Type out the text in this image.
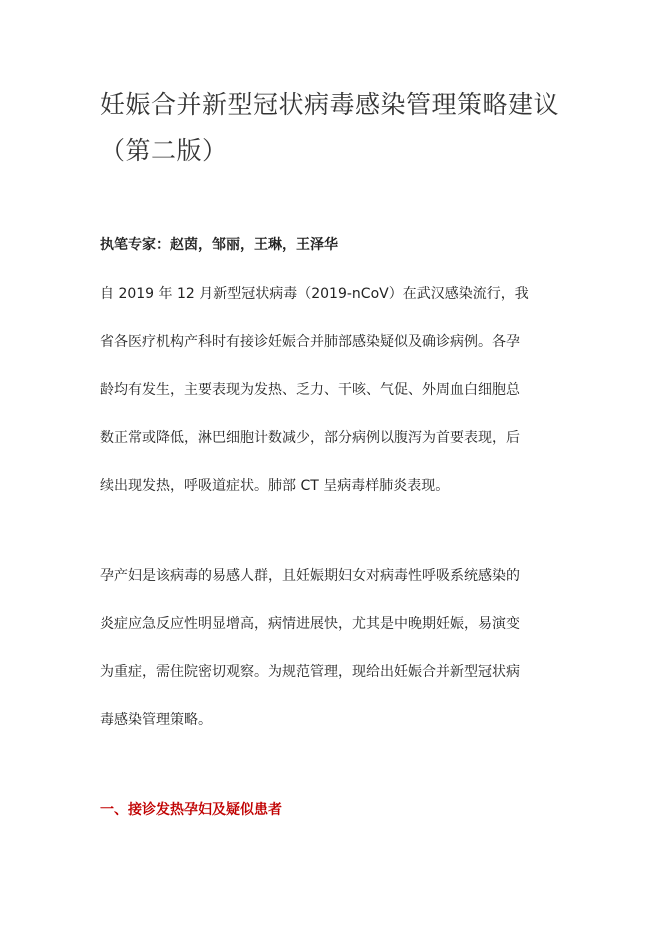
妊娠合并新型冠状病毒感染管理策略建议
（第二版）

执笔专家：赵茵，邹丽，王琳，王泽华

自 2019 年 12 月新型冠状病毒（2019-nCoV）在武汉感染流行，我
省各医疗机构产科时有接诊妊娠合并肺部感染疑似及确诊病例。各孕
龄均有发生，主要表现为发热、乏力、干咳、气促、外周血白细胞总
数正常或降低，淋巴细胞计数减少，部分病例以腹泻为首要表现，后
续出现发热，呼吸道症状。肺部 CT 呈病毒样肺炎表现。

孕产妇是该病毒的易感人群，且妊娠期妇女对病毒性呼吸系统感染的
炎症应急反应性明显增高，病情进展快，尤其是中晚期妊娠，易演变
为重症，需住院密切观察。为规范管理，现给出妊娠合并新型冠状病
毒感染管理策略。

一、接诊发热孕妇及疑似患者
